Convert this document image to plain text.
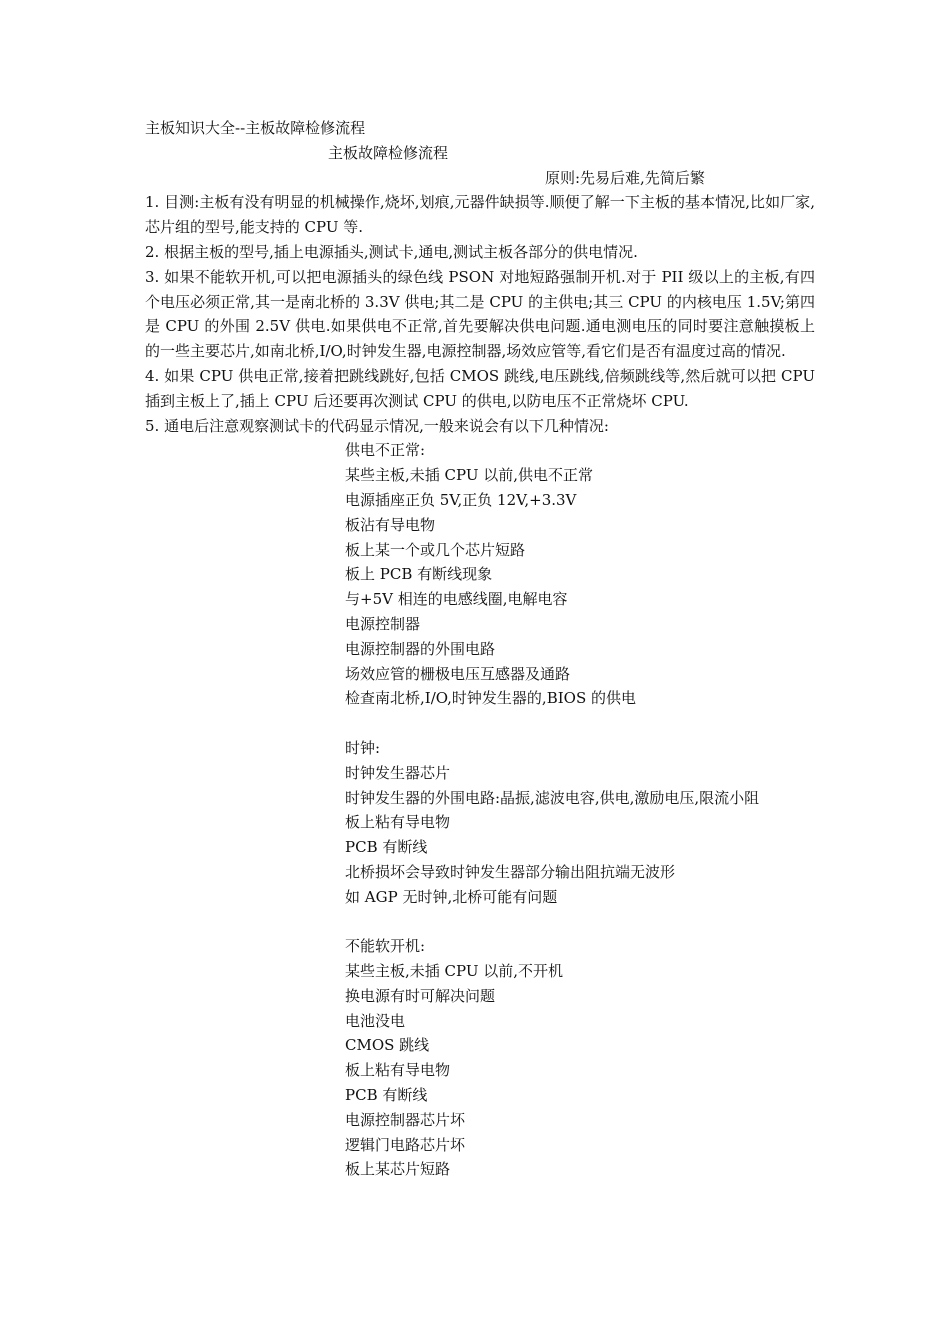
主板知识大全--主板故障检修流程
主板故障检修流程
原则:先易后难,先简后繁
1. 目测:主板有没有明显的机械操作,烧坏,划痕,元器件缺损等.顺便了解一下主板的基本情况,比如厂家,芯片组的型号,能支持的 CPU 等.
2. 根据主板的型号,插上电源插头,测试卡,通电,测试主板各部分的供电情况.
3. 如果不能软开机,可以把电源插头的绿色线 PSON 对地短路强制开机.对于 PII 级以上的主板,有四个电压必须正常,其一是南北桥的 3.3V 供电;其二是 CPU 的主供电;其三 CPU 的内核电压 1.5V;第四是 CPU 的外围 2.5V 供电.如果供电不正常,首先要解决供电问题.通电测电压的同时要注意触摸板上的一些主要芯片,如南北桥,I/O,时钟发生器,电源控制器,场效应管等,看它们是否有温度过高的情况.
4. 如果 CPU 供电正常,接着把跳线跳好,包括 CMOS 跳线,电压跳线,倍频跳线等,然后就可以把 CPU 插到主板上了,插上 CPU 后还要再次测试 CPU 的供电,以防电压不正常烧坏 CPU.
5. 通电后注意观察测试卡的代码显示情况,一般来说会有以下几种情况:
供电不正常:
某些主板,未插 CPU 以前,供电不正常
电源插座正负 5V,正负 12V,+3.3V
板沾有导电物
板上某一个或几个芯片短路
板上 PCB 有断线现象
与+5V 相连的电感线圈,电解电容
电源控制器
电源控制器的外围电路
场效应管的栅极电压互感器及通路
检查南北桥,I/O,时钟发生器的,BIOS 的供电
时钟:
时钟发生器芯片
时钟发生器的外围电路:晶振,滤波电容,供电,激励电压,限流小阻
板上粘有导电物
PCB 有断线
北桥损坏会导致时钟发生器部分输出阻抗端无波形
如 AGP 无时钟,北桥可能有问题
不能软开机:
某些主板,未插 CPU 以前,不开机
换电源有时可解决问题
电池没电
CMOS 跳线
板上粘有导电物
PCB 有断线
电源控制器芯片坏
逻辑门电路芯片坏
板上某芯片短路
